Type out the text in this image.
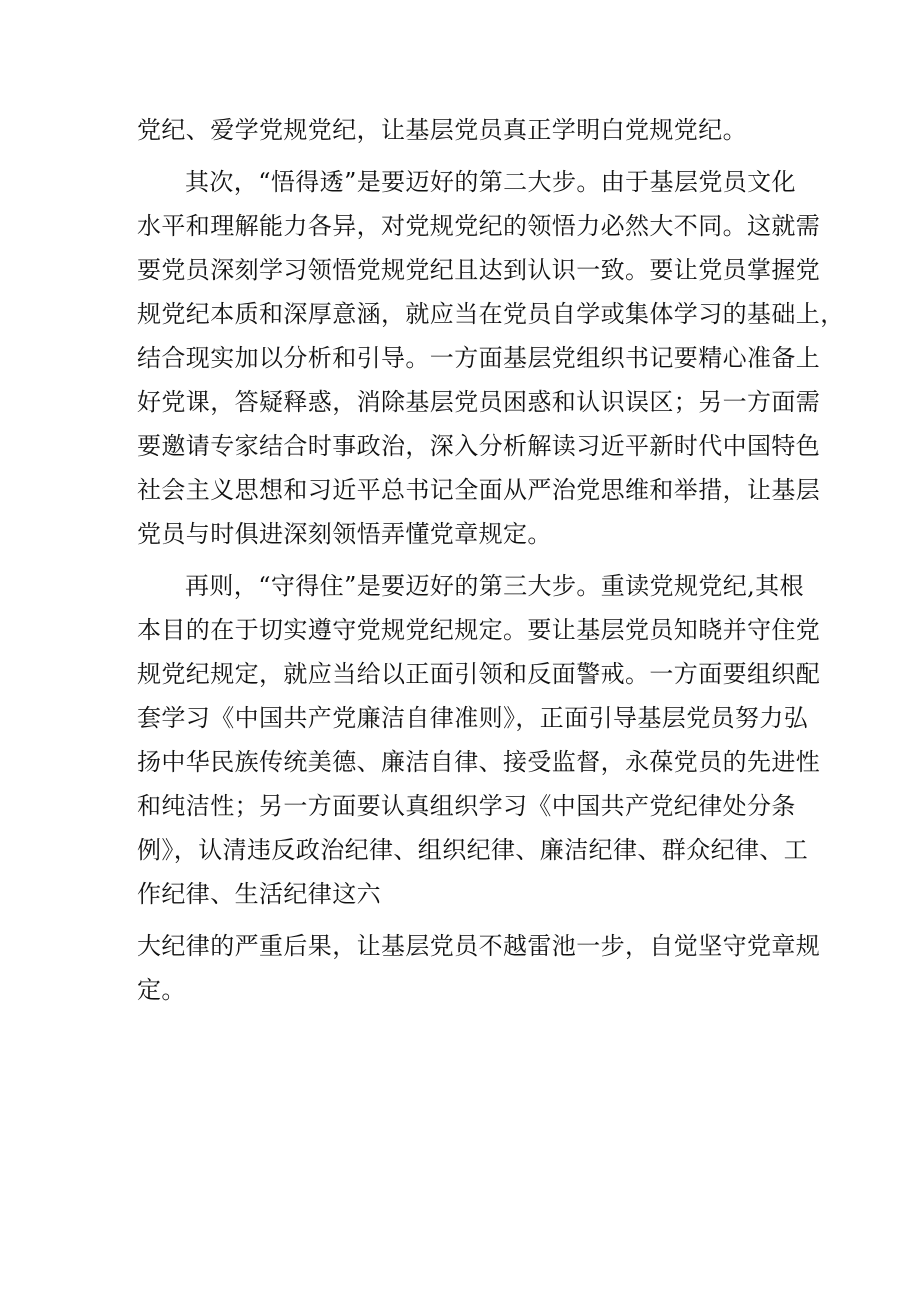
党纪、爱学党规党纪，让基层党员真正学明白党规党纪。
其次，“悟得透”是要迈好的第二大步。由于基层党员文化
水平和理解能力各异，对党规党纪的领悟力必然大不同。这就需
要党员深刻学习领悟党规党纪且达到认识一致。要让党员掌握党
规党纪本质和深厚意涵，就应当在党员自学或集体学习的基础上，
结合现实加以分析和引导。一方面基层党组织书记要精心准备上
好党课，答疑释惑，消除基层党员困惑和认识误区；另一方面需
要邀请专家结合时事政治，深入分析解读习近平新时代中国特色
社会主义思想和习近平总书记全面从严治党思维和举措，让基层
党员与时俱进深刻领悟弄懂党章规定。
再则，“守得住”是要迈好的第三大步。重读党规党纪,其根
本目的在于切实遵守党规党纪规定。要让基层党员知晓并守住党
规党纪规定，就应当给以正面引领和反面警戒。一方面要组织配
套学习《中国共产党廉洁自律准则》，正面引导基层党员努力弘
扬中华民族传统美德、廉洁自律、接受监督，永葆党员的先进性
和纯洁性；另一方面要认真组织学习《中国共产党纪律处分条
例》，认清违反政治纪律、组织纪律、廉洁纪律、群众纪律、工
作纪律、生活纪律这六
大纪律的严重后果，让基层党员不越雷池一步，自觉坚守党章规
定。
